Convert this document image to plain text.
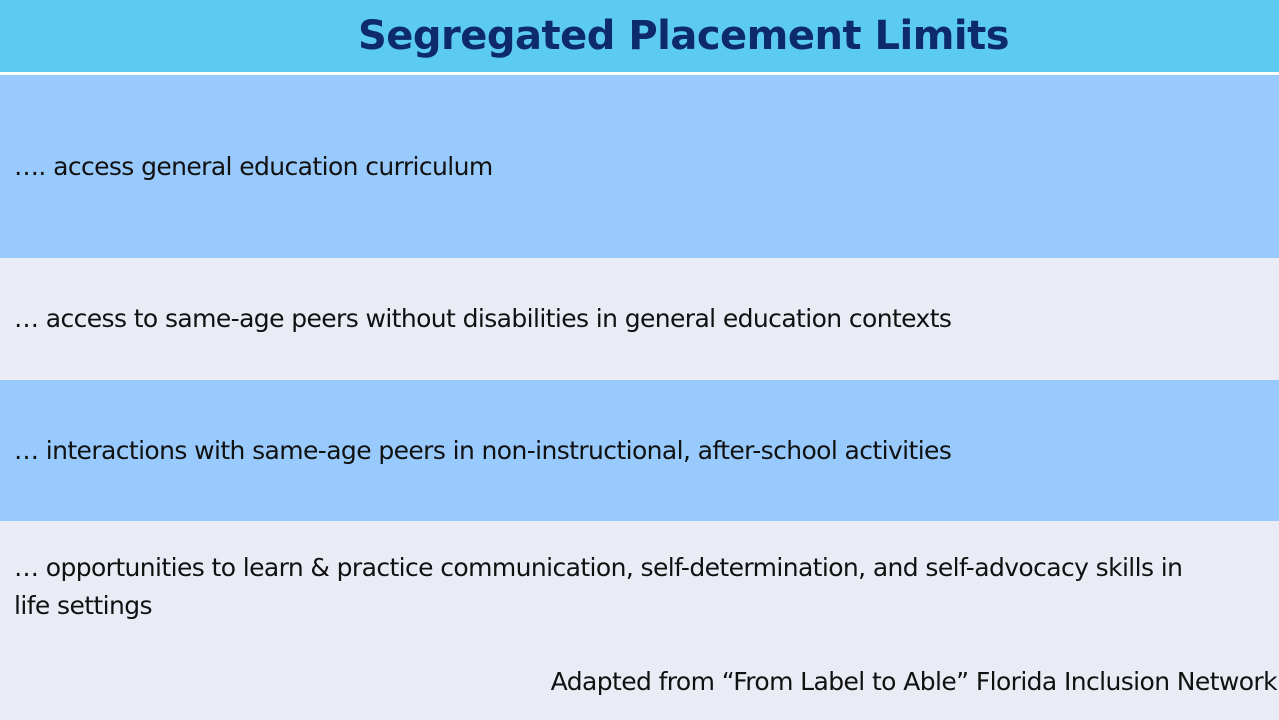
Segregated Placement Limits
…. access general education curriculum
… access to same-age peers without disabilities in general education contexts
… interactions with same-age peers in non-instructional, after-school activities
… opportunities to learn & practice communication, self-determination, and self-advocacy skills in
life settings
Adapted from “From Label to Able” Florida Inclusion Network
